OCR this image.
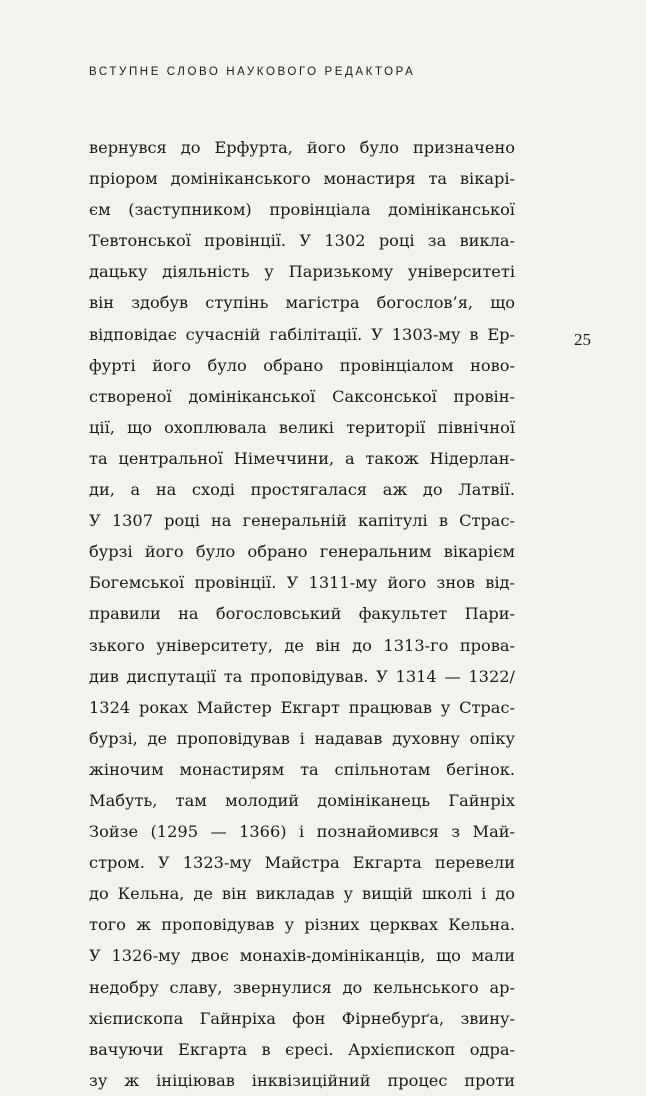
ВСТУПНЕ СЛОВО НАУКОВОГО РЕДАКТОРА
25
вернувся до Ерфурта, його було призначено
пріором домініканського монастиря та вікарі-
єм (заступником) провінціала домініканської
Тевтонської провінції. У 1302 році за викла-
дацьку діяльність у Паризькому університеті
він здобув ступінь магістра богослов’я, що
відповідає сучасній габілітації. У 1303-му в Ер-
фурті його було обрано провінціалом ново-
створеної домініканської Саксонської провін-
ції, що охоплювала великі території північної
та центральної Німеччини, а також Нідерлан-
ди, а на сході простягалася аж до Латвії.
У 1307 році на генеральній капітулі в Страс-
бурзі його було обрано генеральним вікарієм
Богемської провінції. У 1311-му його знов від-
правили на богословський факультет Пари-
зького університету, де він до 1313-го прова-
див диспутації та проповідував. У 1314 — 1322/
1324 роках Майстер Екгарт працював у Страс-
бурзі, де проповідував і надавав духовну опіку
жіночим монастирям та спільнотам бегінок.
Мабуть, там молодий домініканець Гайнріх
Зойзе (1295 — 1366) і познайомився з Май-
стром. У 1323-му Майстра Екгарта перевели
до Кельна, де він викладав у вищій школі і до
того ж проповідував у різних церквах Кельна.
У 1326-му двоє монахів-домініканців, що мали
недобру славу, звернулися до кельнського ар-
хієпископа Гайнріха фон Фірнебурґа, звину-
вачуючи Екгарта в єресі. Архієпископ одра-
зу ж ініціював інквізиційний процес проти
